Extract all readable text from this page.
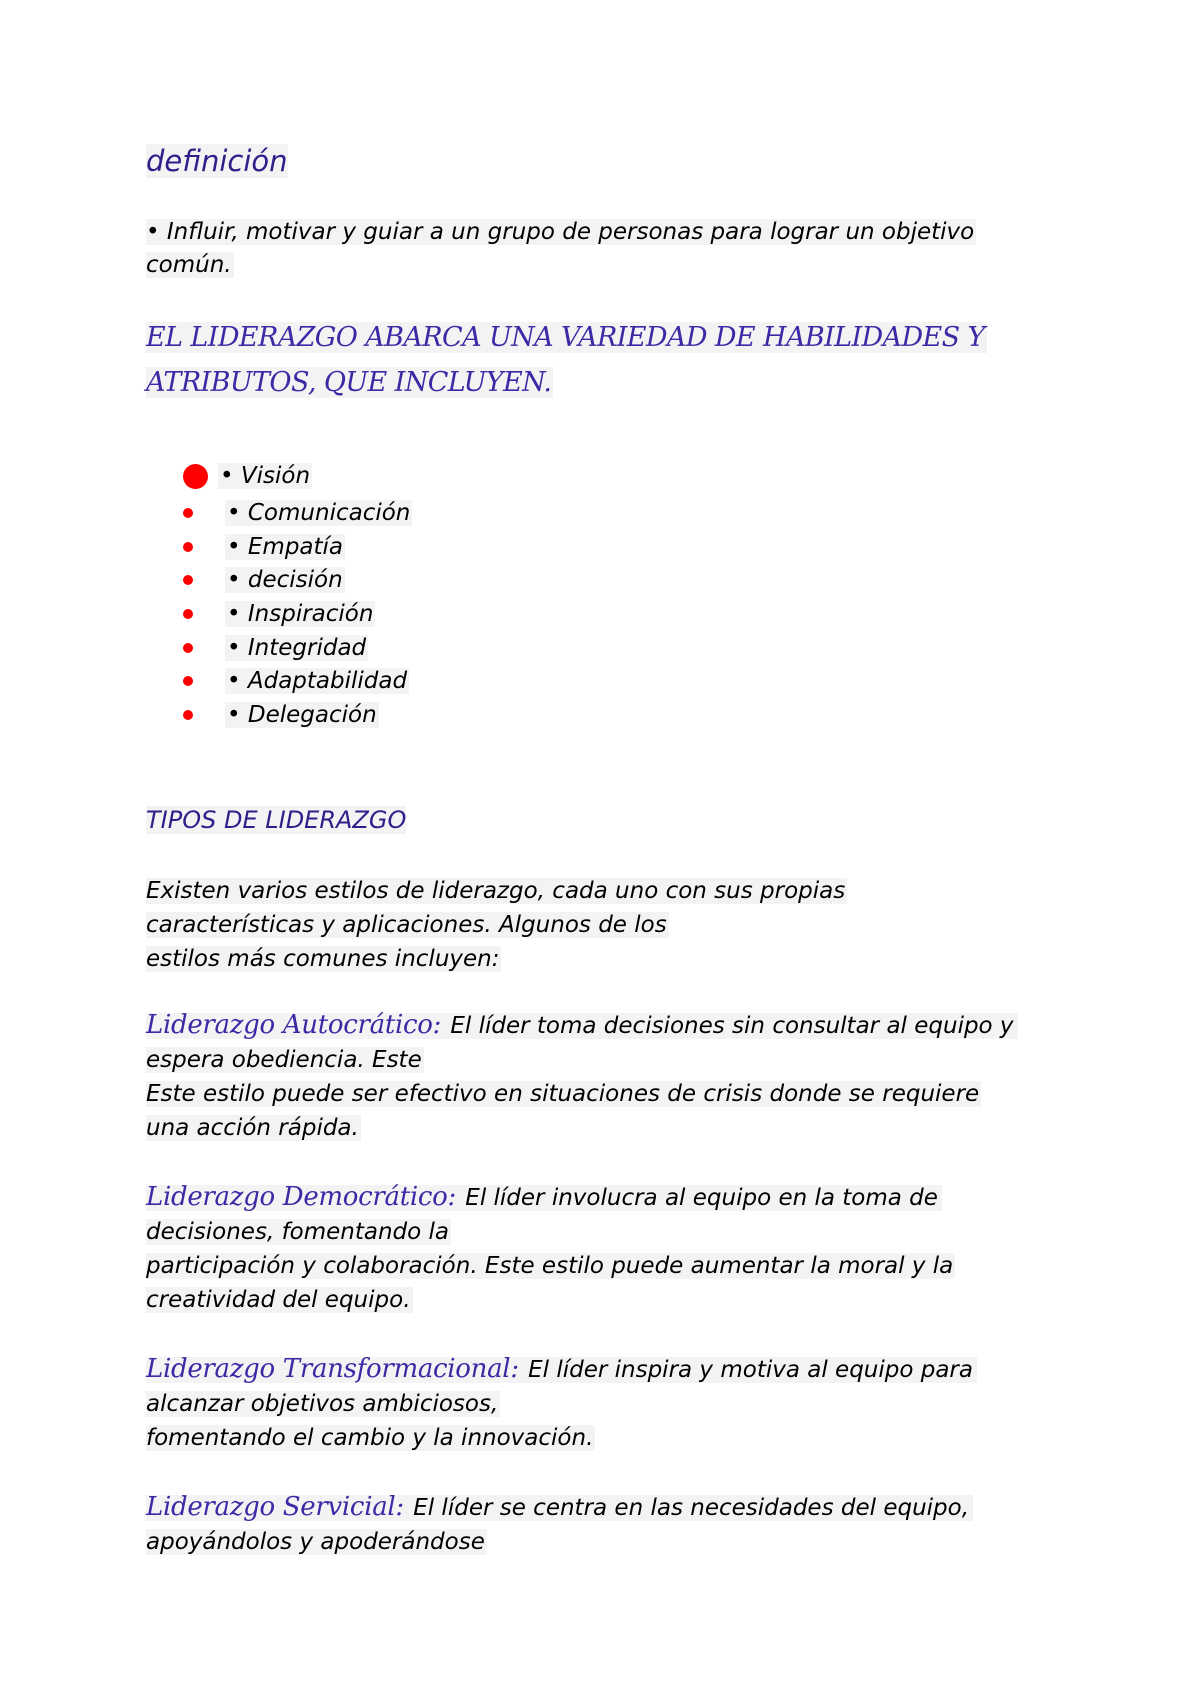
definición

• Influir, motivar y guiar a un grupo de personas para lograr un objetivo
común.

EL LIDERAZGO ABARCA UNA VARIEDAD DE HABILIDADES Y
ATRIBUTOS, QUE INCLUYEN.
• Visión
• Comunicación
• Empatía
• decisión
• Inspiración
• Integridad
• Adaptabilidad
• Delegación
TIPOS DE LIDERAZGO

Existen varios estilos de liderazgo, cada uno con sus propias
características y aplicaciones. Algunos de los
estilos más comunes incluyen:

Liderazgo Autocrático: El líder toma decisiones sin consultar al equipo y
espera obediencia. Este
Este estilo puede ser efectivo en situaciones de crisis donde se requiere
una acción rápida.

Liderazgo Democrático: El líder involucra al equipo en la toma de
decisiones, fomentando la
participación y colaboración. Este estilo puede aumentar la moral y la
creatividad del equipo.

Liderazgo Transformacional: El líder inspira y motiva al equipo para
alcanzar objetivos ambiciosos,
fomentando el cambio y la innovación.

Liderazgo Servicial: El líder se centra en las necesidades del equipo,
apoyándolos y apoderándose
